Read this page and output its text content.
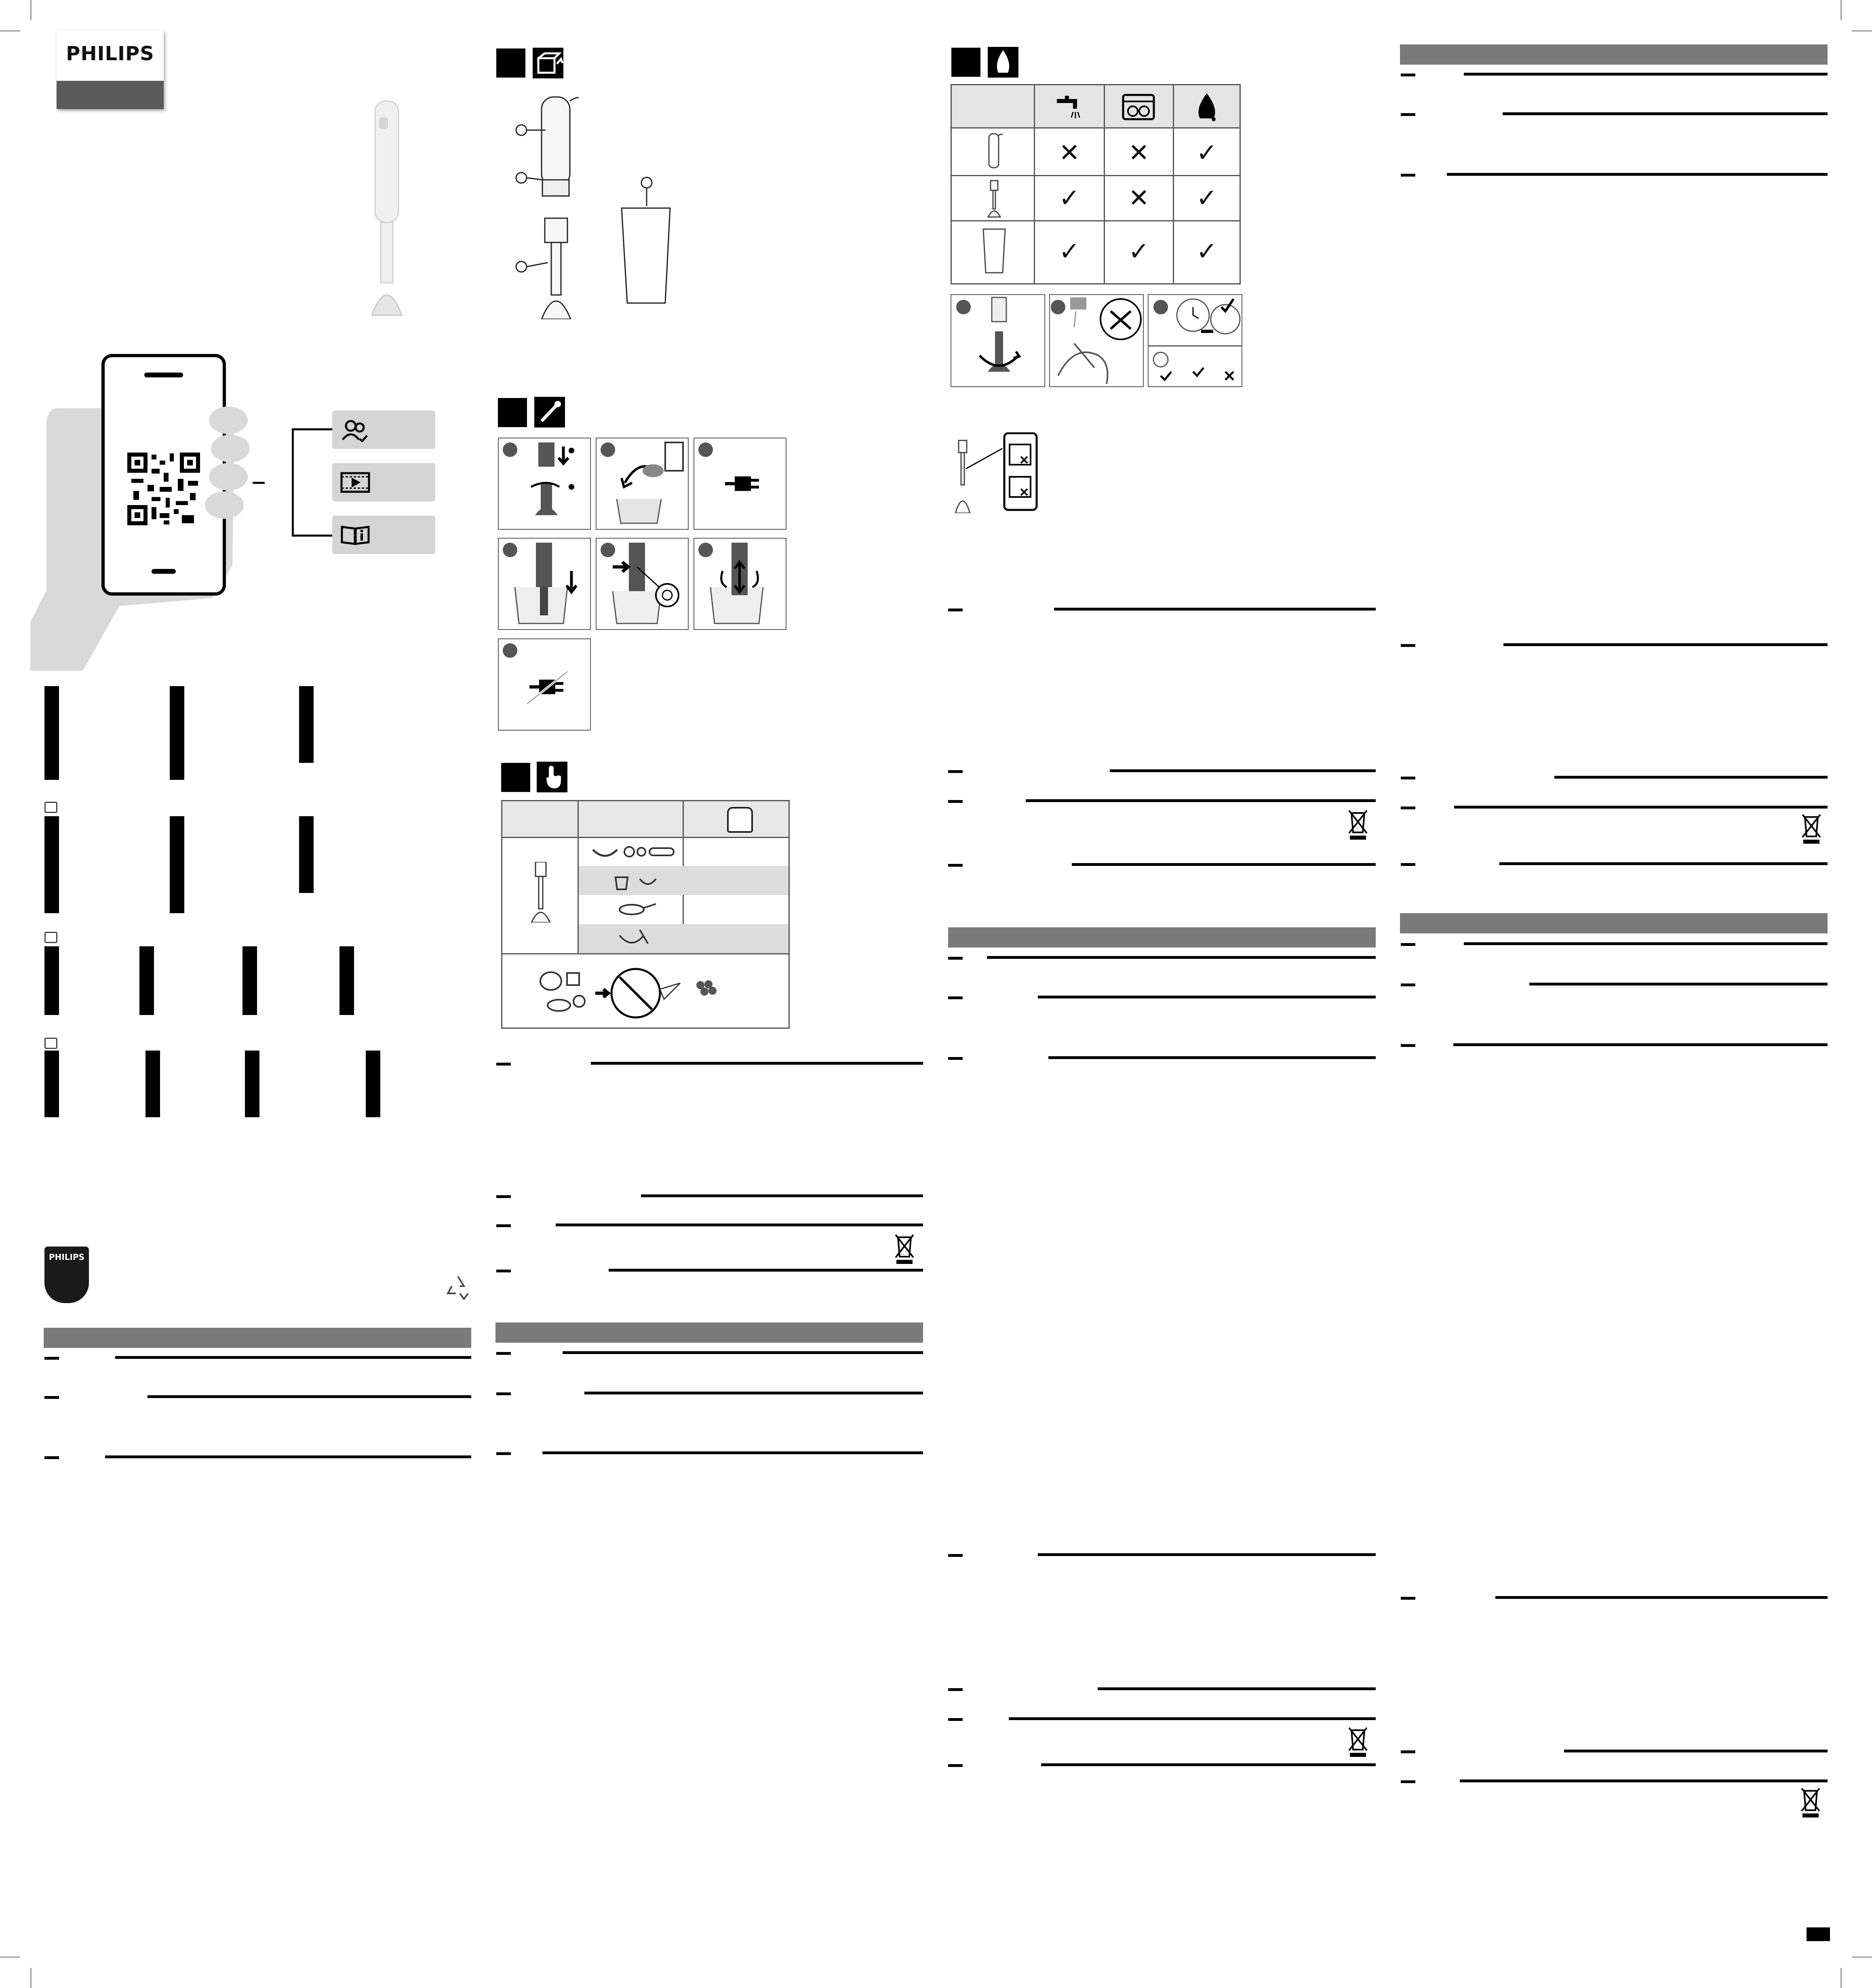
PHILIPS
PHILIPS
✕	✕	✓
✓	✕	✓
✓	✓	✓
